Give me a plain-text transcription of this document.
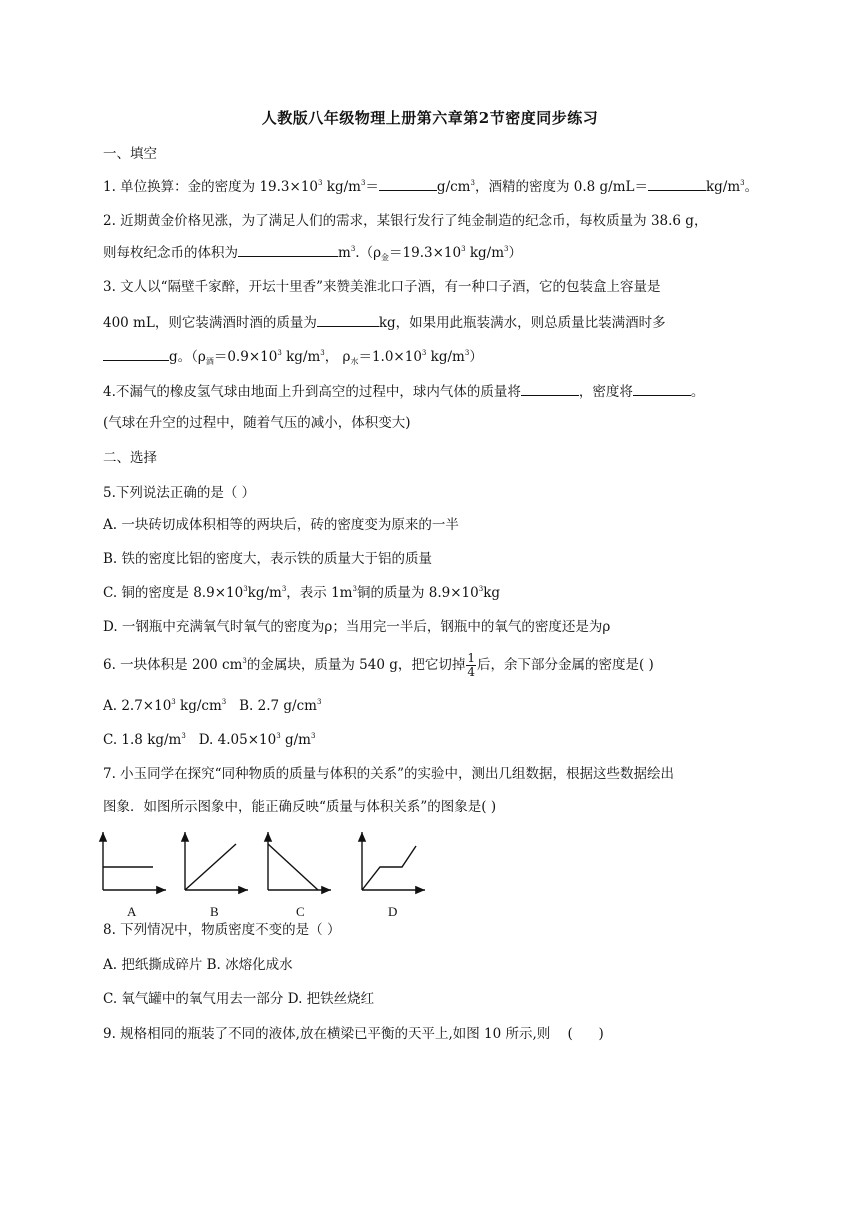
人教版八年级物理上册第六章第2节密度同步练习
一、填空
1. 单位换算：金的密度为 $19.3\times 10^3$ $kg/m^3=$	$g/cm^3$，酒精的密度为 0.8 g/mL＝	$kg/m^3$。
2. 近期黄金价格见涨，为了满足人们的需求，某银行发行了纯金制造的纪念币，每枚质量为 38.6 g，
则每枚纪念币的体积为	$m^3.(\rho_金=19.3\times 10^3$ $kg/m^3$）
3. 文人以“隔壁千家醉，开坛十里香”来赞美淮北口子酒，有一种口子酒，它的包装盒上容量是
400 mL，则它装满酒时酒的质量为	kg，如果用此瓶装满水，则总质量比装满酒时多
g。（$\rho_酒=0.9\times 10^3$ $kg/m^3$， $\rho_水=1.0\times 10^3$ $kg/m^3$）
4.不漏气的橡皮氢气球由地面上升到高空的过程中，球内气体的质量将	，密度将	。
(气球在升空的过程中，随着气压的减小，体积变大)
二、选择
5.下列说法正确的是（ ）
A. 一块砖切成体积相等的两块后，砖的密度变为原来的一半
B. 铁的密度比铝的密度大，表示铁的质量大于铝的质量
C. 铜的密度是 $8.9\times 10^3kg/m^3$，表示 $1m^3$铜的质量为 $8.9\times 10^3kg$
D. 一钢瓶中充满氧气时氧气的密度为ρ；当用完一半后，钢瓶中的氧气的密度还是为ρ
6. 一块体积是 200 $cm^3$的金属块，质量为 540 g，把它切掉 $\frac{1}{4}$ 后，余下部分金属的密度是( )
A. $2.7\times 10^3$ $kg/cm^3$   B. 2.7 $g/cm^3$
C. 1.8 $kg/m^3$   D. $4.05\times 10^3$ $g/m^3$
7. 小玉同学在探究“同种物质的质量与体积的关系”的实验中，测出几组数据，根据这些数据绘出
图象．如图所示图象中，能正确反映“质量与体积关系”的图象是( )
A	B	C	D
8. 下列情况中，物质密度不变的是（ ）
A. 把纸撕成碎片 B. 冰熔化成水
C. 氧气罐中的氧气用去一部分 D. 把铁丝烧红
9. 规格相同的瓶装了不同的液体,放在横梁已平衡的天平上,如图 10 所示,则    (      )
